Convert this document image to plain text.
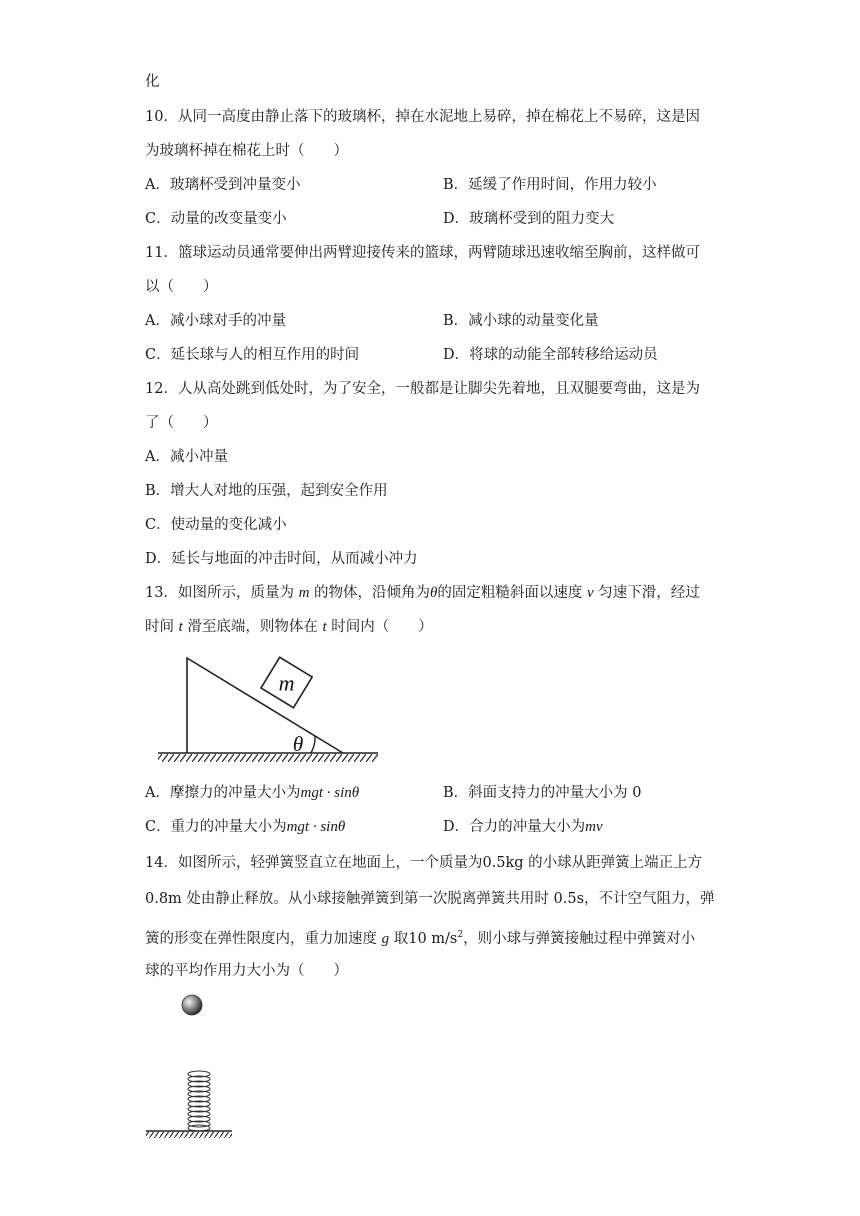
化
10．从同一高度由静止落下的玻璃杯，掉在水泥地上易碎，掉在棉花上不易碎，这是因
为玻璃杯掉在棉花上时（　　）
A．玻璃杯受到冲量变小	B．延缓了作用时间，作用力较小
C．动量的改变量变小	D．玻璃杯受到的阻力变大
11．篮球运动员通常要伸出两臂迎接传来的篮球，两臂随球迅速收缩至胸前，这样做可
以（　　）
A．减小球对手的冲量	B．减小球的动量变化量
C．延长球与人的相互作用的时间	D．将球的动能全部转移给运动员
12．人从高处跳到低处时，为了安全，一般都是让脚尖先着地，且双腿要弯曲，这是为
了（　　）
A．减小冲量
B．增大人对地的压强，起到安全作用
C．使动量的变化减小
D．延长与地面的冲击时间，从而减小冲力
13．如图所示，质量为 m 的物体，沿倾角为θ的固定粗糙斜面以速度 v 匀速下滑，经过
时间 t 滑至底端，则物体在 t 时间内（　　）
m
θ
A．摩擦力的冲量大小为mgt · sinθ	B．斜面支持力的冲量大小为 0
C．重力的冲量大小为mgt · sinθ	D．合力的冲量大小为mv
14．如图所示，轻弹簧竖直立在地面上，一个质量为0.5kg 的小球从距弹簧上端正上方
0.8m 处由静止释放。从小球接触弹簧到第一次脱离弹簧共用时 0.5s，不计空气阻力，弹
簧的形变在弹性限度内，重力加速度 g 取10 $m/s^2$，则小球与弹簧接触过程中弹簧对小
球的平均作用力大小为（　　）
